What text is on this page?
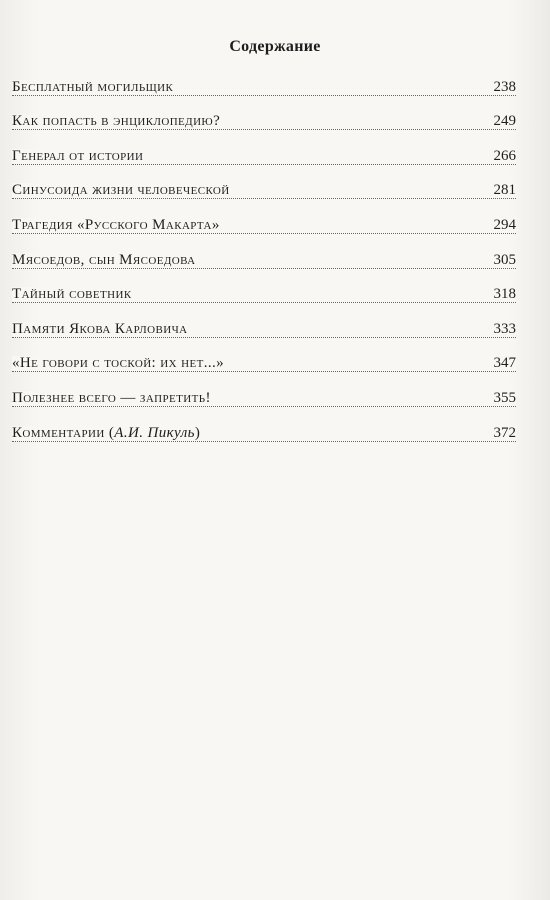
Содержание
Бесплатный могильщик	238
Как попасть в энциклопедию?	249
Генерал от истории	266
Синусоида жизни человеческой	281
Трагедия «Русского Макарта»	294
Мясоедов, сын Мясоедова	305
Тайный советник	318
Памяти Якова Карловича	333
«Не говори с тоской: их нет...»	347
Полезнее всего — запретить!	355
Комментарии (А.И. Пикуль)	372
